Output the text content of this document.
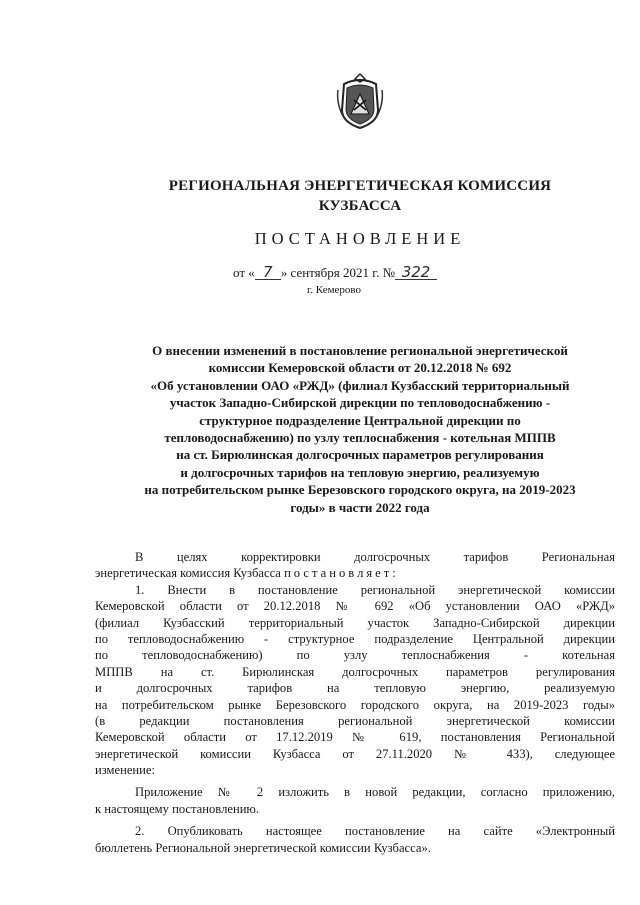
РЕГИОНАЛЬНАЯ ЭНЕРГЕТИЧЕСКАЯ КОМИССИЯ
КУЗБАССА
ПОСТАНОВЛЕНИЕ
от « 7 » сентября 2021 г. № 322
г. Кемерово
О внесении изменений в постановление региональной энергетической
комиссии Кемеровской области от 20.12.2018 № 692
«Об установлении ОАО «РЖД» (филиал Кузбасский территориальный
участок Западно-Сибирской дирекции по тепловодоснабжению -
структурное подразделение Центральной дирекции по
тепловодоснабжению) по узлу теплоснабжения - котельная МППВ
на ст. Бирюлинская долгосрочных параметров регулирования
и долгосрочных тарифов на тепловую энергию, реализуемую
на потребительском рынке Березовского городского округа, на 2019-2023
годы» в части 2022 года
В целях корректировки долгосрочных тарифов Региональная
энергетическая комиссия Кузбасса постановляет:
1. Внести в постановление региональной энергетической комиссии
Кемеровской области от 20.12.2018 № 692 «Об установлении ОАО «РЖД»
(филиал Кузбасский территориальный участок Западно-Сибирской дирекции
по тепловодоснабжению - структурное подразделение Центральной дирекции
по тепловодоснабжению) по узлу теплоснабжения - котельная
МППВ на ст. Бирюлинская долгосрочных параметров регулирования
и долгосрочных тарифов на тепловую энергию, реализуемую
на потребительском рынке Березовского городского округа, на 2019-2023 годы»
(в редакции постановления региональной энергетической комиссии
Кемеровской области от 17.12.2019 № 619, постановления Региональной
энергетической комиссии Кузбасса от 27.11.2020 № 433), следующее
изменение:
Приложение № 2 изложить в новой редакции, согласно приложению,
к настоящему постановлению.
2. Опубликовать настоящее постановление на сайте «Электронный
бюллетень Региональной энергетической комиссии Кузбасса».
